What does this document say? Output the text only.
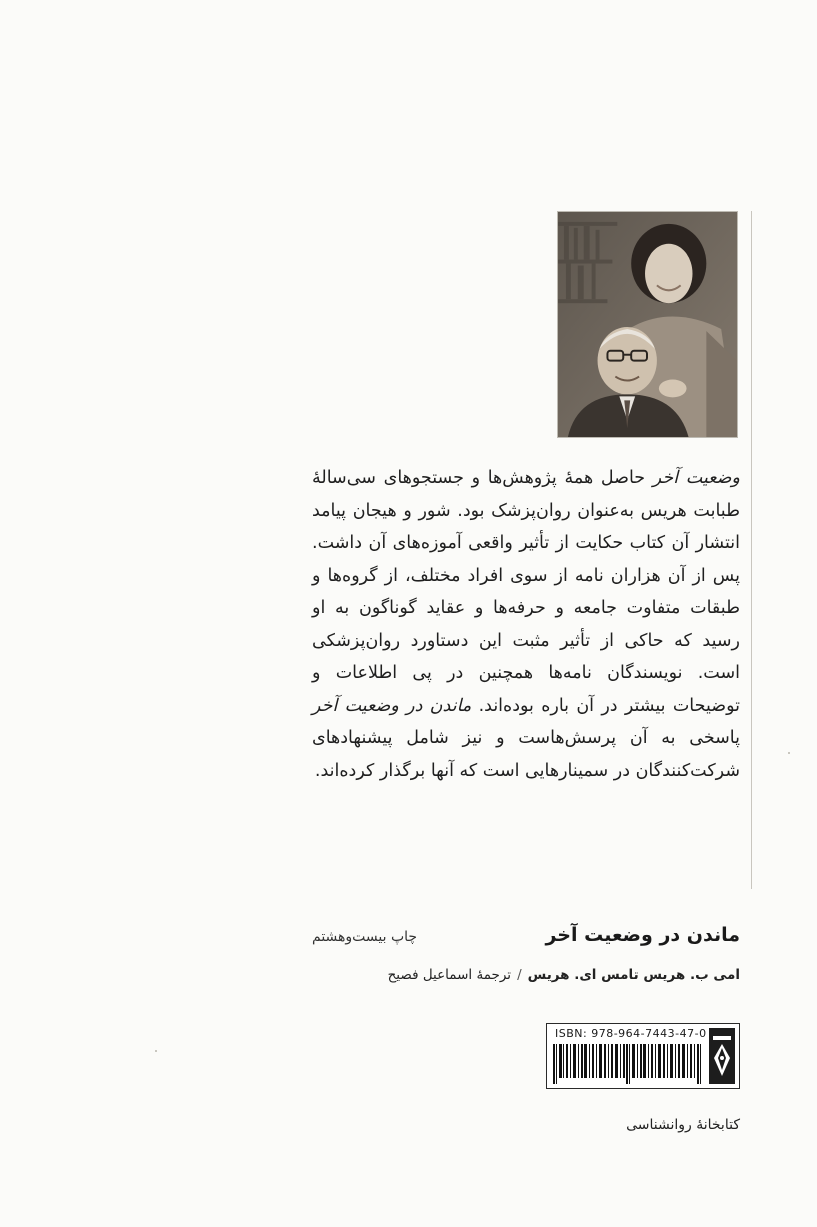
وضعیت آخر حاصل همهٔ پژوهش‌ها و جستجوهای سی‌سالهٔ طبابت هریس به‌عنوان روان‌پزشک بود. شور و هیجان پیامد انتشار آن کتاب حکایت از تأثیر واقعی آموزه‌های آن داشت. پس از آن هزاران نامه از سوی افراد مختلف، از گروه‌ها و طبقات متفاوت جامعه و حرفه‌ها و عقاید گوناگون به او رسید که حاکی از تأثیر مثبت این دستاورد روان‌پزشکی است. نویسندگان نامه‌ها همچنین در پی اطلاعات و توضیحات بیشتر در آن باره بوده‌اند. ماندن در وضعیت آخر پاسخی به آن پرسش‌هاست و نیز شامل پیشنهادهای شرکت‌کنندگان در سمینارهایی است که آنها برگذار کرده‌اند.
ماندن در وضعیت آخر
چاپ بیست‌وهشتم
امی ب. هریس تامس ای. هریس/ترجمهٔ اسماعیل فصیح
ISBN: 978-964-7443-47-0
کتابخانهٔ روانشناسی
